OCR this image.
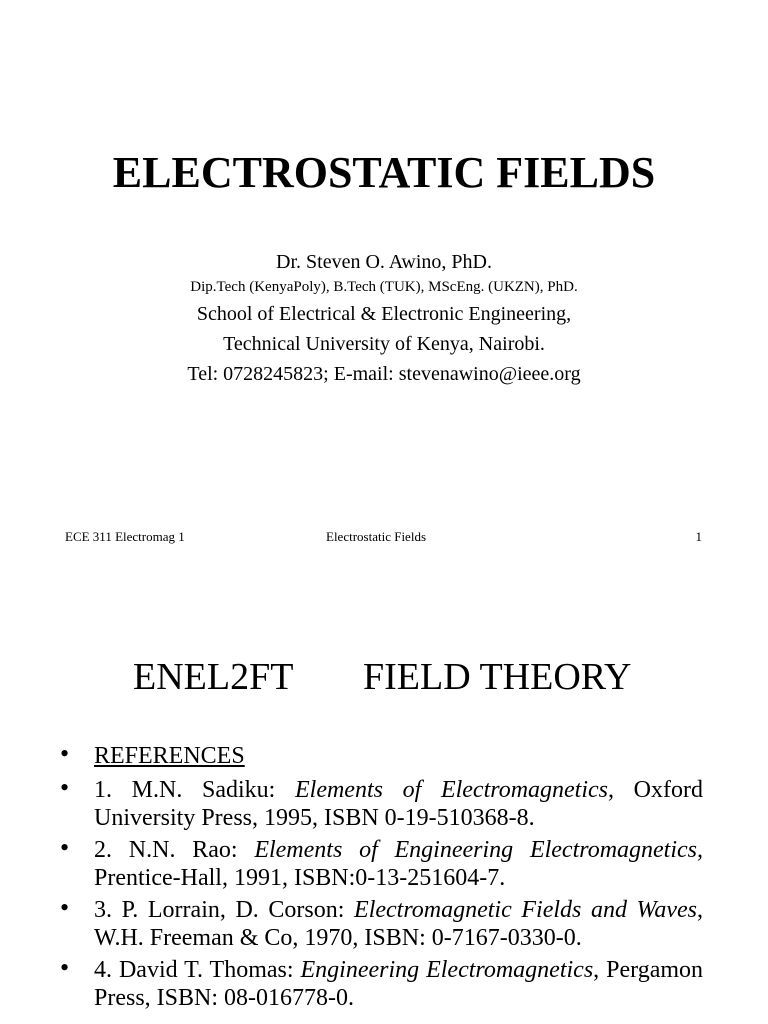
ELECTROSTATIC FIELDS
Dr. Steven O. Awino, PhD.
Dip.Tech (KenyaPoly), B.Tech (TUK), MScEng. (UKZN), PhD.
School of Electrical & Electronic Engineering,
Technical University of Kenya, Nairobi.
Tel: 0728245823; E-mail: stevenawino@ieee.org
ECE 311 Electromag 1	Electrostatic Fields	1
ENEL2FT FIELD THEORY
• REFERENCES
• 1. M.N. Sadiku: Elements of Electromagnetics, Oxford University Press, 1995, ISBN 0-19-510368-8.
• 2. N.N. Rao: Elements of Engineering Electromagnetics, Prentice-Hall, 1991, ISBN:0-13-251604-7.
• 3. P. Lorrain, D. Corson: Electromagnetic Fields and Waves, W.H. Freeman & Co, 1970, ISBN: 0-7167-0330-0.
• 4. David T. Thomas: Engineering Electromagnetics, Pergamon Press, ISBN: 08-016778-0.
